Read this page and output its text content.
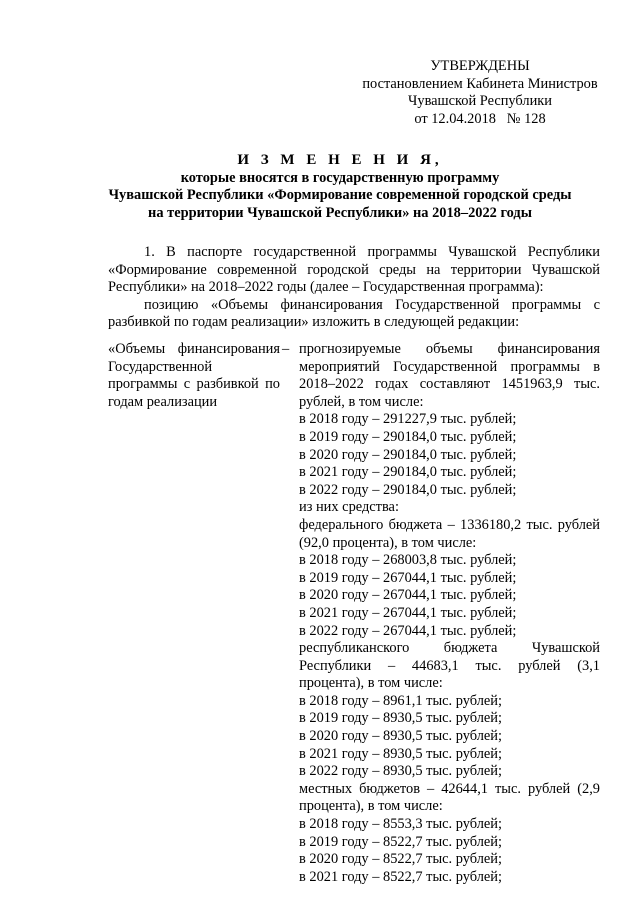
УТВЕРЖДЕНЫ
постановлением Кабинета Министров
Чувашской Республики
от 12.04.2018   № 128
И З М Е Н Е Н И Я,
которые вносятся в государственную программу
Чувашской Республики «Формирование современной городской среды
на территории Чувашской Республики» на 2018–2022 годы

1. В паспорте государственной программы Чувашской Республики «Формирование современной городской среды на территории Чувашской Республики» на 2018–2022 годы (далее – Государственная программа):

позицию «Объемы финансирования Государственной программы с разбивкой по годам реализации» изложить в следующей редакции:

«Объемы финансирования Государственной программы с разбивкой по годам реализации
– прогнозируемые объемы финансирования мероприятий Государственной программы в 2018–2022 годах составляют 1451963,9 тыс. рублей, в том числе:
в 2018 году – 291227,9 тыс. рублей;
в 2019 году – 290184,0 тыс. рублей;
в 2020 году – 290184,0 тыс. рублей;
в 2021 году – 290184,0 тыс. рублей;
в 2022 году – 290184,0 тыс. рублей;
из них средства:
федерального бюджета – 1336180,2 тыс. рублей (92,0 процента), в том числе:
в 2018 году – 268003,8 тыс. рублей;
в 2019 году – 267044,1 тыс. рублей;
в 2020 году – 267044,1 тыс. рублей;
в 2021 году – 267044,1 тыс. рублей;
в 2022 году – 267044,1 тыс. рублей;
республиканского бюджета Чувашской Республики – 44683,1 тыс. рублей (3,1 процента), в том числе:
в 2018 году – 8961,1 тыс. рублей;
в 2019 году – 8930,5 тыс. рублей;
в 2020 году – 8930,5 тыс. рублей;
в 2021 году – 8930,5 тыс. рублей;
в 2022 году – 8930,5 тыс. рублей;
местных бюджетов – 42644,1 тыс. рублей (2,9 процента), в том числе:
в 2018 году – 8553,3 тыс. рублей;
в 2019 году – 8522,7 тыс. рублей;
в 2020 году – 8522,7 тыс. рублей;
в 2021 году – 8522,7 тыс. рублей;
